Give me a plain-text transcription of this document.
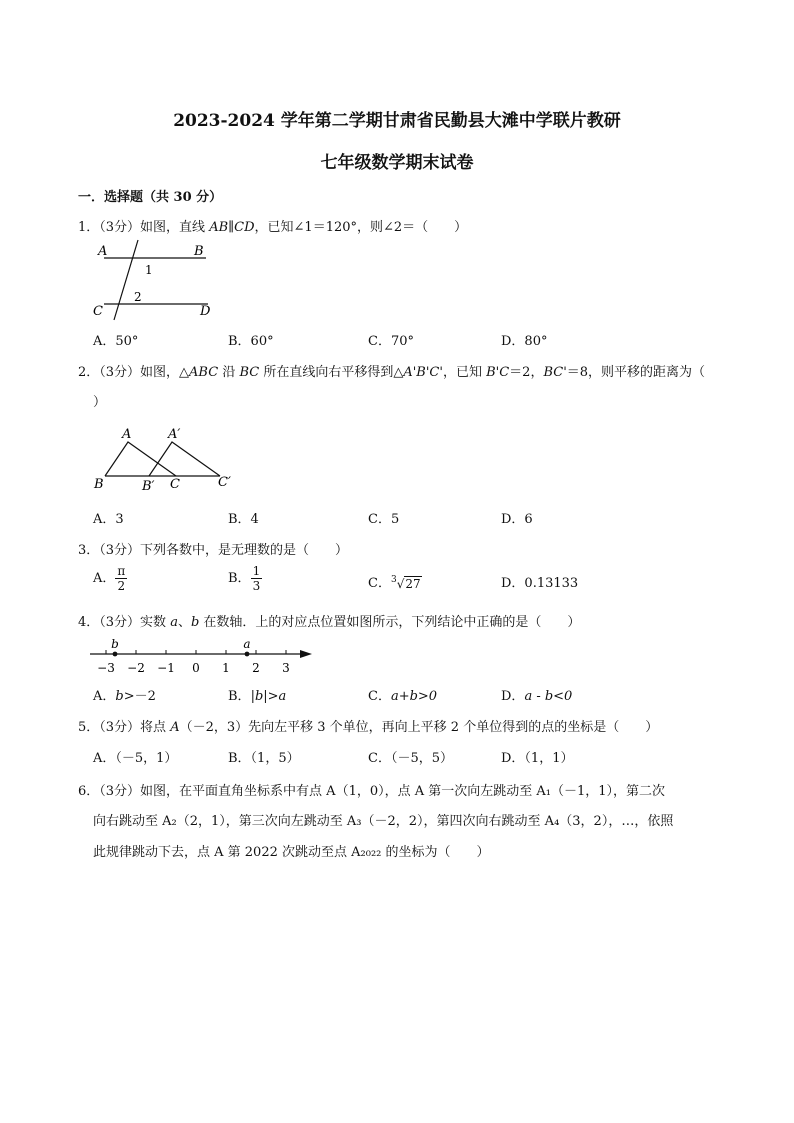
2023-2024 学年第二学期甘肃省民勤县大滩中学联片教研
七年级数学期末试卷
一．选择题（共 30 分）
1．（3分）如图，直线 AB∥CD，已知∠1＝120°，则∠2＝（　　）
A	B
1
2
C	D
A．50°	B．60°	C．70°	D．80°
2．（3分）如图，△ABC 沿 BC 所在直线向右平移得到△A'B'C'，已知 B'C＝2，BC'＝8，则平移的距离为（
）
A	A′
B	B′ C	C′
A．3	B．4	C．5	D．6
3．（3分）下列各数中，是无理数的是（　　）
A． $\frac{\pi}{2}$	B． $\frac{1}{3}$	C．$^3$√27	D．0.13133
4．（3分）实数 a、b 在数轴．上的对应点位置如图所示，下列结论中正确的是（　　）
−3 −2 −1 0 1 2 3
b	a
A．b>－2	B．|b|>a	C．a+b>0	D．a - b<0
5．（3分）将点 A（－2，3）先向左平移 3 个单位，再向上平移 2 个单位得到的点的坐标是（　　）
A．（－5，1）	B．（1，5）	C．（－5，5）	D．（1，1）
6．（3分）如图，在平面直角坐标系中有点 A（1，0），点 A 第一次向左跳动至 A₁（－1，1），第二次
向右跳动至 A₂（2，1），第三次向左跳动至 A₃（－2，2），第四次向右跳动至 A₄（3，2），…，依照
此规律跳动下去，点 A 第 2022 次跳动至点 A₂₀₂₂ 的坐标为（　　）
